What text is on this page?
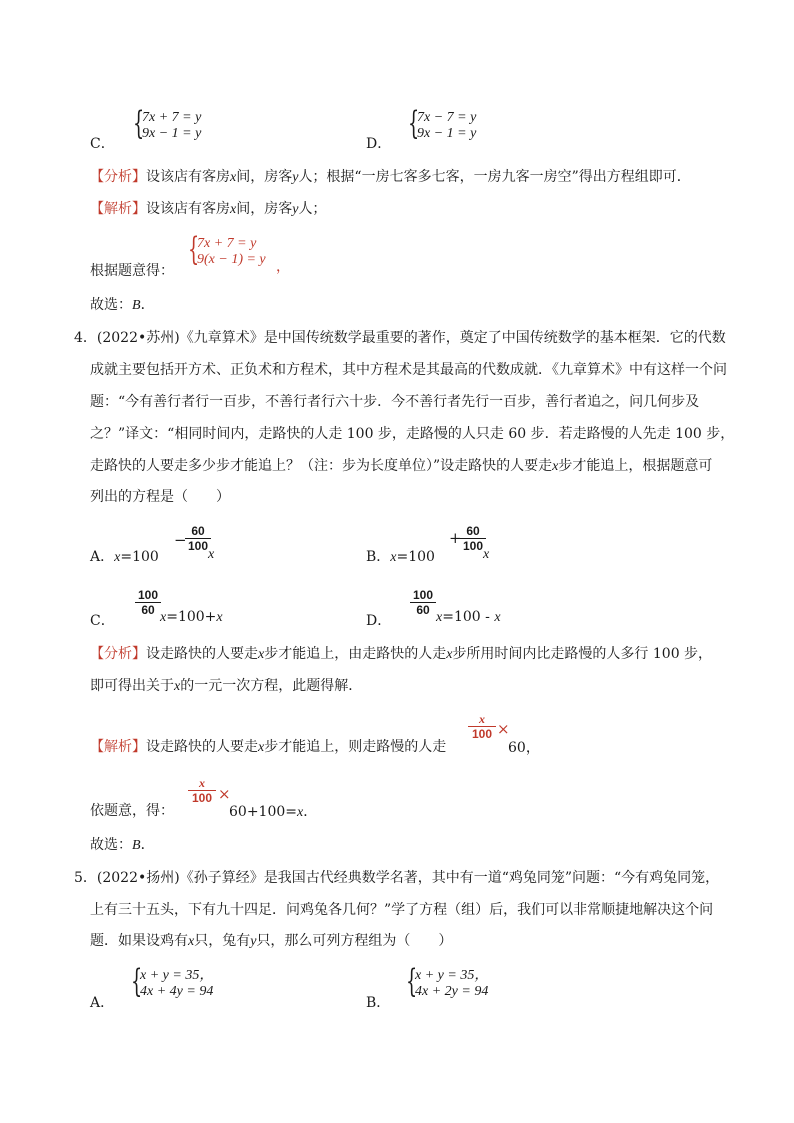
C．
{
7x + 7 = y
9x − 1 = y
D．
{
7x − 7 = y
9x − 1 = y
【分析】设该店有客房x间，房客y人；根据“一房七客多七客，一房九客一房空”得出方程组即可．
【解析】设该店有客房x间，房客y人；
根据题意得：
{
7x + 7 = y
9(x − 1) = y ，
故选：B．
4．(2022•苏州)《九章算术》是中国传统数学最重要的著作，奠定了中国传统数学的基本框架．它的代数
成就主要包括开方术、正负术和方程术，其中方程术是其最高的代数成就．《九章算术》中有这样一个问
题：“今有善行者行一百步，不善行者行六十步．今不善行者先行一百步，善行者追之，问几何步及
之？”译文：“相同时间内，走路快的人走 100 步，走路慢的人只走 60 步．若走路慢的人先走 100 步，
走路快的人要走多少步才能追上？（注：步为长度单位）”设走路快的人要走x步才能追上，根据题意可
列出的方程是（　　）
A．x=100
− 60
100
x	B．x=100
+ 60
100
x
C．
100
60 x=100+x	D．
100
60 x=100 - x
【分析】设走路快的人要走x步才能追上，由走路快的人走x步所用时间内比走路慢的人多行 100 步，
即可得出关于x的一元一次方程，此题得解．
【解析】设走路快的人要走x步才能追上，则走路慢的人走
x
100 ×
60，
依题意，得：
x
100 ×
60+100=x．
故选：B．
5．(2022•扬州)《孙子算经》是我国古代经典数学名著，其中有一道“鸡兔同笼”问题：“今有鸡兔同笼，
上有三十五头，下有九十四足．问鸡兔各几何？”学了方程（组）后，我们可以非常顺捷地解决这个问
题．如果设鸡有x只，兔有y只，那么可列方程组为（　　）
A．
{
x + y = 35，
4x + 4y = 94
B．
{
x + y = 35，
4x + 2y = 94
